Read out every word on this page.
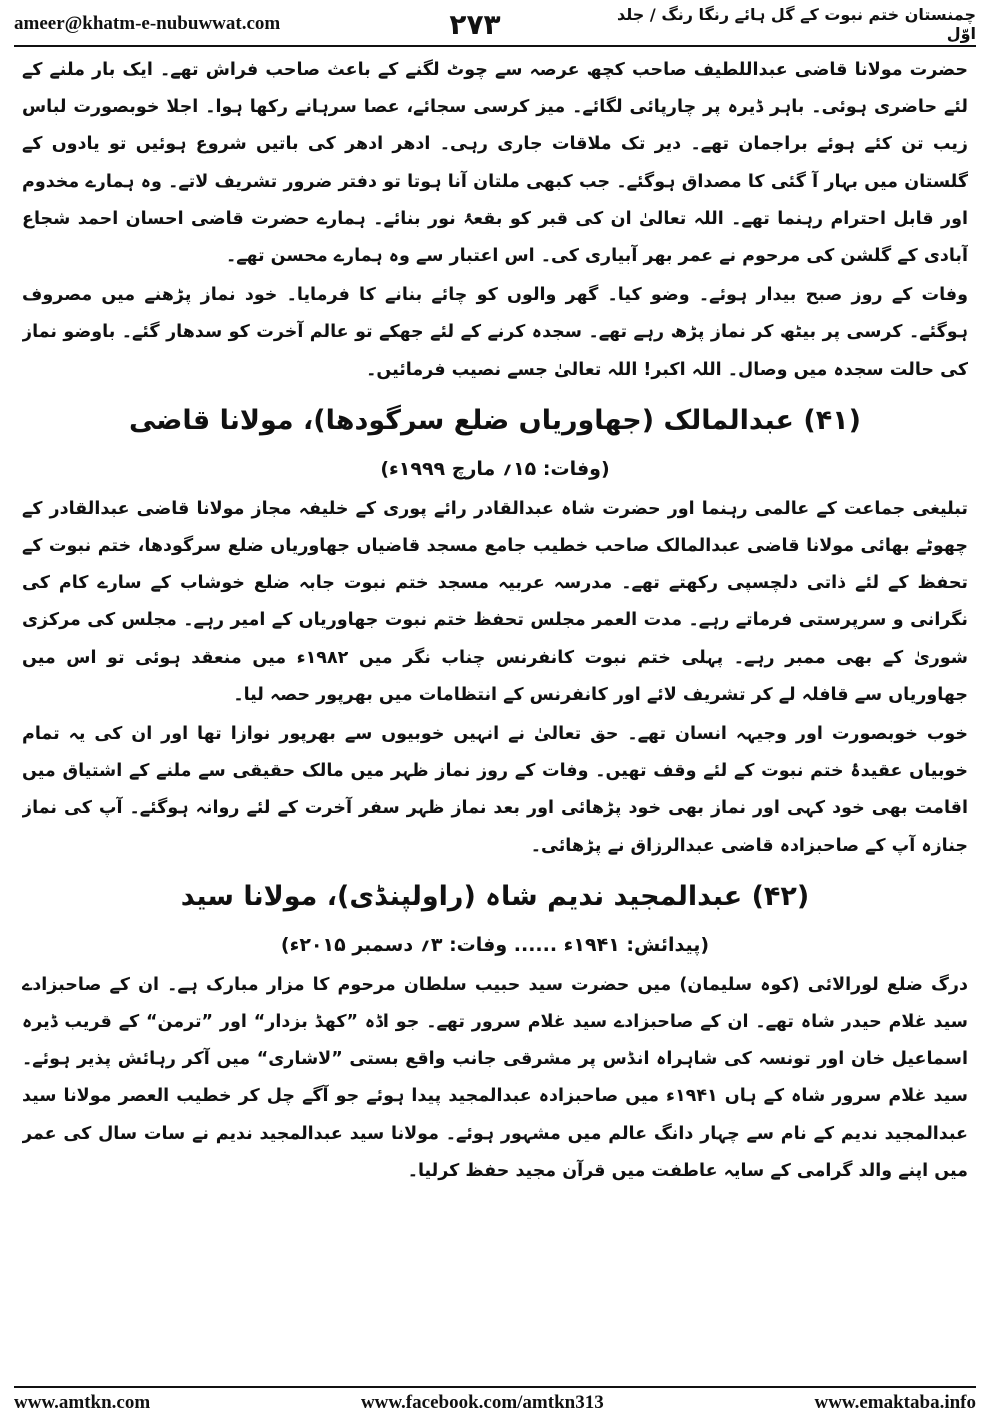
ameer@khatm-e-nubuwwat.com	۲۷۳	چمنستان ختم نبوت کے گل ہائے رنگا رنگ / جلد اوّل

حضرت مولانا قاضی عبداللطیف صاحب کچھ عرصہ سے چوٹ لگنے کے باعث صاحب فراش تھے۔ ایک بار ملنے کے لئے حاضری ہوئی۔ باہر ڈیرہ پر چارپائی لگائے۔ میز کرسی سجائے، عصا سرہانے رکھا ہوا۔ اجلا خوبصورت لباس زیب تن کئے ہوئے براجمان تھے۔ دیر تک ملاقات جاری رہی۔ ادھر ادھر کی باتیں شروع ہوئیں تو یادوں کے گلستان میں بہار آ گئی کا مصداق ہوگئے۔ جب کبھی ملتان آنا ہوتا تو دفتر ضرور تشریف لاتے۔ وہ ہمارے مخدوم اور قابل احترام رہنما تھے۔ اللہ تعالیٰ ان کی قبر کو بقعۂ نور بنائے۔ ہمارے حضرت قاضی احسان احمد شجاع آبادی کے گلشن کی مرحوم نے عمر بھر آبیاری کی۔ اس اعتبار سے وہ ہمارے محسن تھے۔

وفات کے روز صبح بیدار ہوئے۔ وضو کیا۔ گھر والوں کو چائے بنانے کا فرمایا۔ خود نماز پڑھنے میں مصروف ہوگئے۔ کرسی پر بیٹھ کر نماز پڑھ رہے تھے۔ سجدہ کرنے کے لئے جھکے تو عالم آخرت کو سدھار گئے۔ باوضو نماز کی حالت سجدہ میں وصال۔ اللہ اکبر! اللہ تعالیٰ جسے نصیب فرمائیں۔

(۴۱) عبدالمالک (جھاوریاں ضلع سرگودھا)، مولانا قاضی
(وفات: ۱۵؍ مارچ ۱۹۹۹ء)

تبلیغی جماعت کے عالمی رہنما اور حضرت شاہ عبدالقادر رائے پوری کے خلیفہ مجاز مولانا قاضی عبدالقادر کے چھوٹے بھائی مولانا قاضی عبدالمالک صاحب خطیب جامع مسجد قاضیاں جھاوریاں ضلع سرگودھا، ختم نبوت کے تحفظ کے لئے ذاتی دلچسپی رکھتے تھے۔ مدرسہ عربیہ مسجد ختم نبوت جابہ ضلع خوشاب کے سارے کام کی نگرانی و سرپرستی فرماتے رہے۔ مدت العمر مجلس تحفظ ختم نبوت جھاوریاں کے امیر رہے۔ مجلس کی مرکزی شوریٰ کے بھی ممبر رہے۔ پہلی ختم نبوت کانفرنس چناب نگر میں ۱۹۸۲ء میں منعقد ہوئی تو اس میں جھاوریاں سے قافلہ لے کر تشریف لائے اور کانفرنس کے انتظامات میں بھرپور حصہ لیا۔

خوب خوبصورت اور وجیہہ انسان تھے۔ حق تعالیٰ نے انہیں خوبیوں سے بھرپور نوازا تھا اور ان کی یہ تمام خوبیاں عقیدۂ ختم نبوت کے لئے وقف تھیں۔ وفات کے روز نماز ظہر میں مالک حقیقی سے ملنے کے اشتیاق میں اقامت بھی خود کہی اور نماز بھی خود پڑھائی اور بعد نماز ظہر سفر آخرت کے لئے روانہ ہوگئے۔ آپ کی نماز جنازہ آپ کے صاحبزادہ قاضی عبدالرزاق نے پڑھائی۔

(۴۲) عبدالمجید ندیم شاہ (راولپنڈی)، مولانا سید
(پیدائش: ۱۹۴۱ء ...... وفات: ۳؍ دسمبر ۲۰۱۵ء)

درگ ضلع لورالائی (کوہ سلیمان) میں حضرت سید حبیب سلطان مرحوم کا مزار مبارک ہے۔ ان کے صاحبزادے سید غلام حیدر شاہ تھے۔ ان کے صاحبزادے سید غلام سرور تھے۔ جو اڈہ ”کھڈ بزدار“ اور ”ترمن“ کے قریب ڈیرہ اسماعیل خان اور تونسہ کی شاہراہ انڈس پر مشرقی جانب واقع بستی ”لاشاری“ میں آکر رہائش پذیر ہوئے۔ سید غلام سرور شاہ کے ہاں ۱۹۴۱ء میں صاحبزادہ عبدالمجید پیدا ہوئے جو آگے چل کر خطیب العصر مولانا سید عبدالمجید ندیم کے نام سے چہار دانگ عالم میں مشہور ہوئے۔ مولانا سید عبدالمجید ندیم نے سات سال کی عمر میں اپنے والد گرامی کے سایہ عاطفت میں قرآن مجید حفظ کرلیا۔

www.amtkn.com	www.facebook.com/amtkn313	www.emaktaba.info
